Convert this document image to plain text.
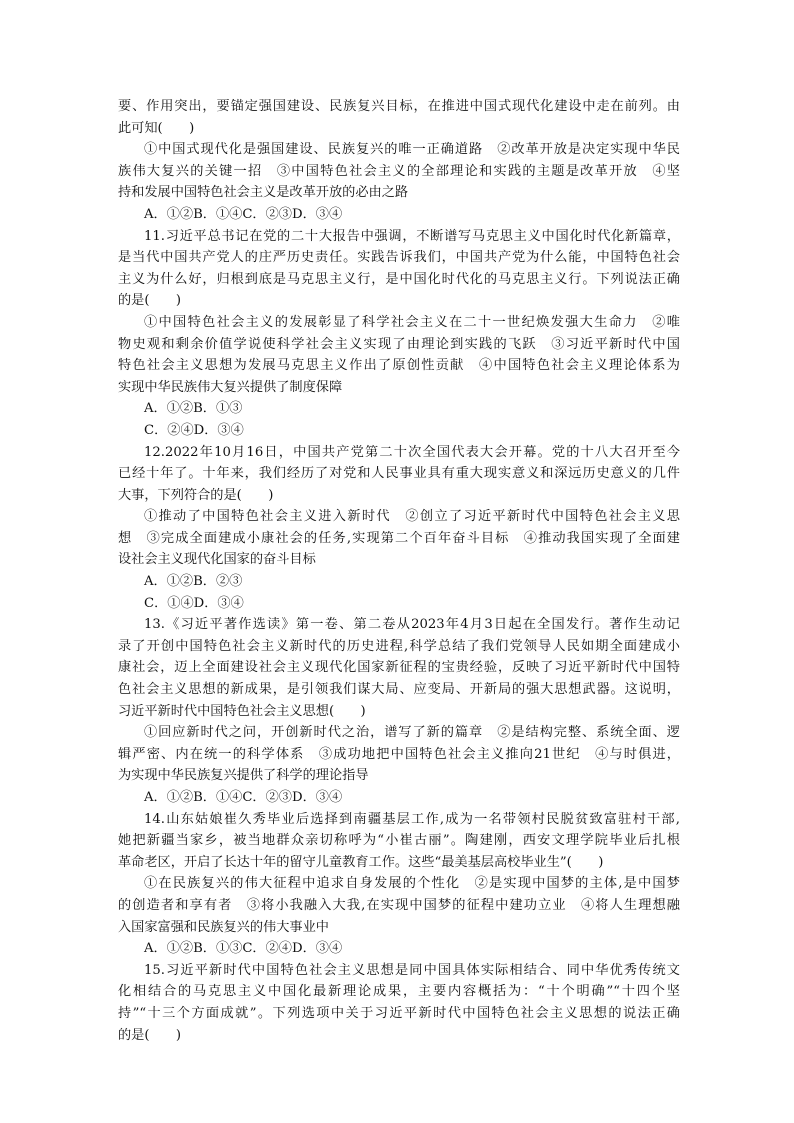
要、作用突出，要锚定强国建设、民族复兴目标，在推进中国式现代化建设中走在前列。由
此可知(　　)
①中国式现代化是强国建设、民族复兴的唯一正确道路　②改革开放是决定实现中华民
族伟大复兴的关键一招　③中国特色社会主义的全部理论和实践的主题是改革开放　④坚
持和发展中国特色社会主义是改革开放的必由之路
A．①②B．①④C．②③D．③④
11.习近平总书记在党的二十大报告中强调，不断谱写马克思主义中国化时代化新篇章，
是当代中国共产党人的庄严历史责任。实践告诉我们，中国共产党为什么能，中国特色社会
主义为什么好，归根到底是马克思主义行，是中国化时代化的马克思主义行。下列说法正确
的是(　　)
①中国特色社会主义的发展彰显了科学社会主义在二十一世纪焕发强大生命力　②唯
物史观和剩余价值学说使科学社会主义实现了由理论到实践的飞跃　③习近平新时代中国
特色社会主义思想为发展马克思主义作出了原创性贡献　④中国特色社会主义理论体系为
实现中华民族伟大复兴提供了制度保障
A．①②B．①③
C．②④D．③④
12.2022年10月16日，中国共产党第二十次全国代表大会开幕。党的十八大召开至今
已经十年了。十年来，我们经历了对党和人民事业具有重大现实意义和深远历史意义的几件
大事，下列符合的是(　　)
①推动了中国特色社会主义进入新时代　②创立了习近平新时代中国特色社会主义思
想　③完成全面建成小康社会的任务,实现第二个百年奋斗目标　④推动我国实现了全面建
设社会主义现代化国家的奋斗目标
A．①②B．②③
C．①④D．③④
13.《习近平著作选读》第一卷、第二卷从2023年4月3日起在全国发行。著作生动记
录了开创中国特色社会主义新时代的历史进程,科学总结了我们党领导人民如期全面建成小
康社会，迈上全面建设社会主义现代化国家新征程的宝贵经验，反映了习近平新时代中国特
色社会主义思想的新成果，是引领我们谋大局、应变局、开新局的强大思想武器。这说明，
习近平新时代中国特色社会主义思想(　　)
①回应新时代之问，开创新时代之治，谱写了新的篇章　②是结构完整、系统全面、逻
辑严密、内在统一的科学体系　③成功地把中国特色社会主义推向21世纪　④与时俱进，
为实现中华民族复兴提供了科学的理论指导
A．①②B．①④C．②③D．③④
14.山东姑娘崔久秀毕业后选择到南疆基层工作,成为一名带领村民脱贫致富驻村干部,
她把新疆当家乡，被当地群众亲切称呼为“小崔古丽”。陶建刚，西安文理学院毕业后扎根
革命老区，开启了长达十年的留守儿童教育工作。这些“最美基层高校毕业生”(　　)
①在民族复兴的伟大征程中追求自身发展的个性化　②是实现中国梦的主体,是中国梦
的创造者和享有者　③将小我融入大我,在实现中国梦的征程中建功立业　④将人生理想融
入国家富强和民族复兴的伟大事业中
A．①②B．①③C．②④D．③④
15.习近平新时代中国特色社会主义思想是同中国具体实际相结合、同中华优秀传统文
化相结合的马克思主义中国化最新理论成果，主要内容概括为：“十个明确”“十四个坚
持”“十三个方面成就”。下列选项中关于习近平新时代中国特色社会主义思想的说法正确
的是(　　)
